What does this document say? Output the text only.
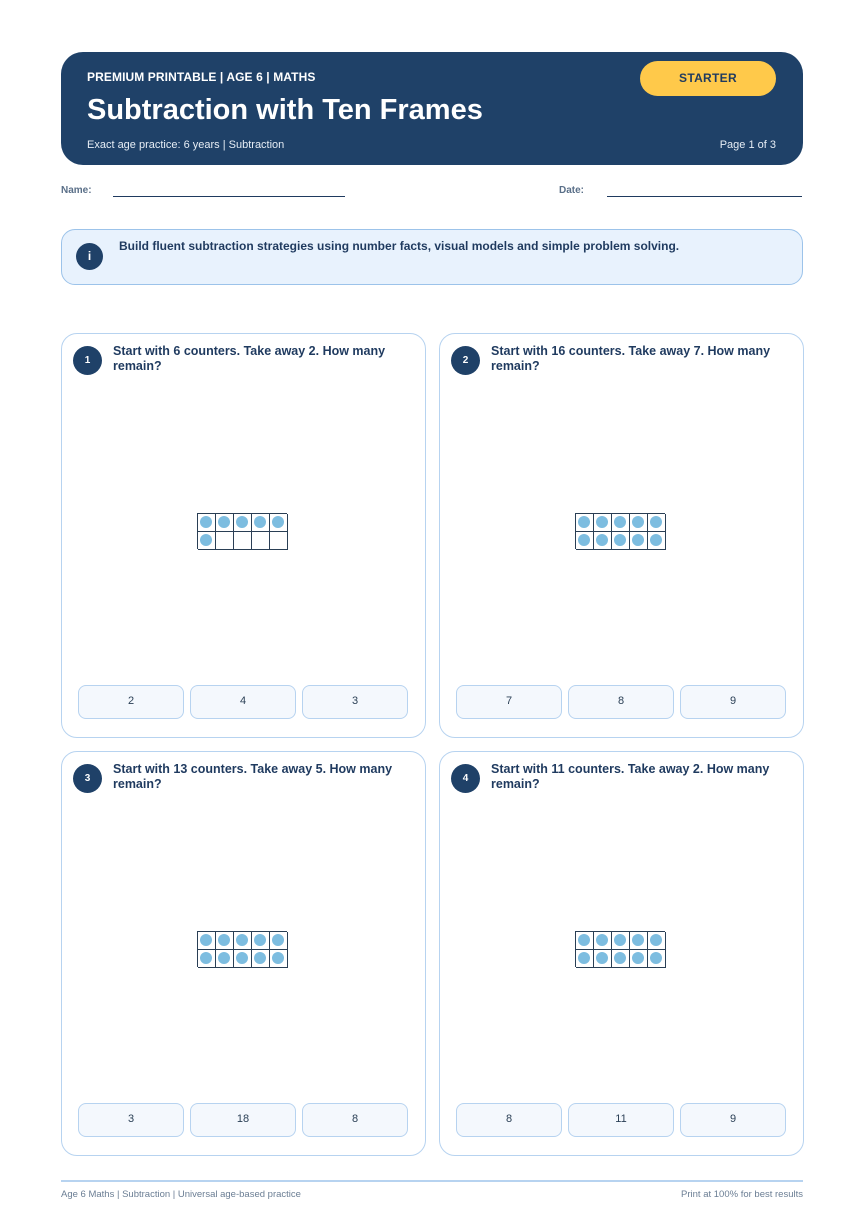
PREMIUM PRINTABLE | AGE 6 | MATHS
Subtraction with Ten Frames
Exact age practice: 6 years | Subtraction	Page 1 of 3
STARTER
Name:	Date:
i
Build fluent subtraction strategies using number facts, visual models and simple problem solving.
1
Start with 6 counters. Take away 2. How many remain?
2	4	3
2
Start with 16 counters. Take away 7. How many remain?
7	8	9
3
Start with 13 counters. Take away 5. How many remain?
3	18	8
4
Start with 11 counters. Take away 2. How many remain?
8	11	9
Age 6 Maths | Subtraction | Universal age-based practice	Print at 100% for best results
